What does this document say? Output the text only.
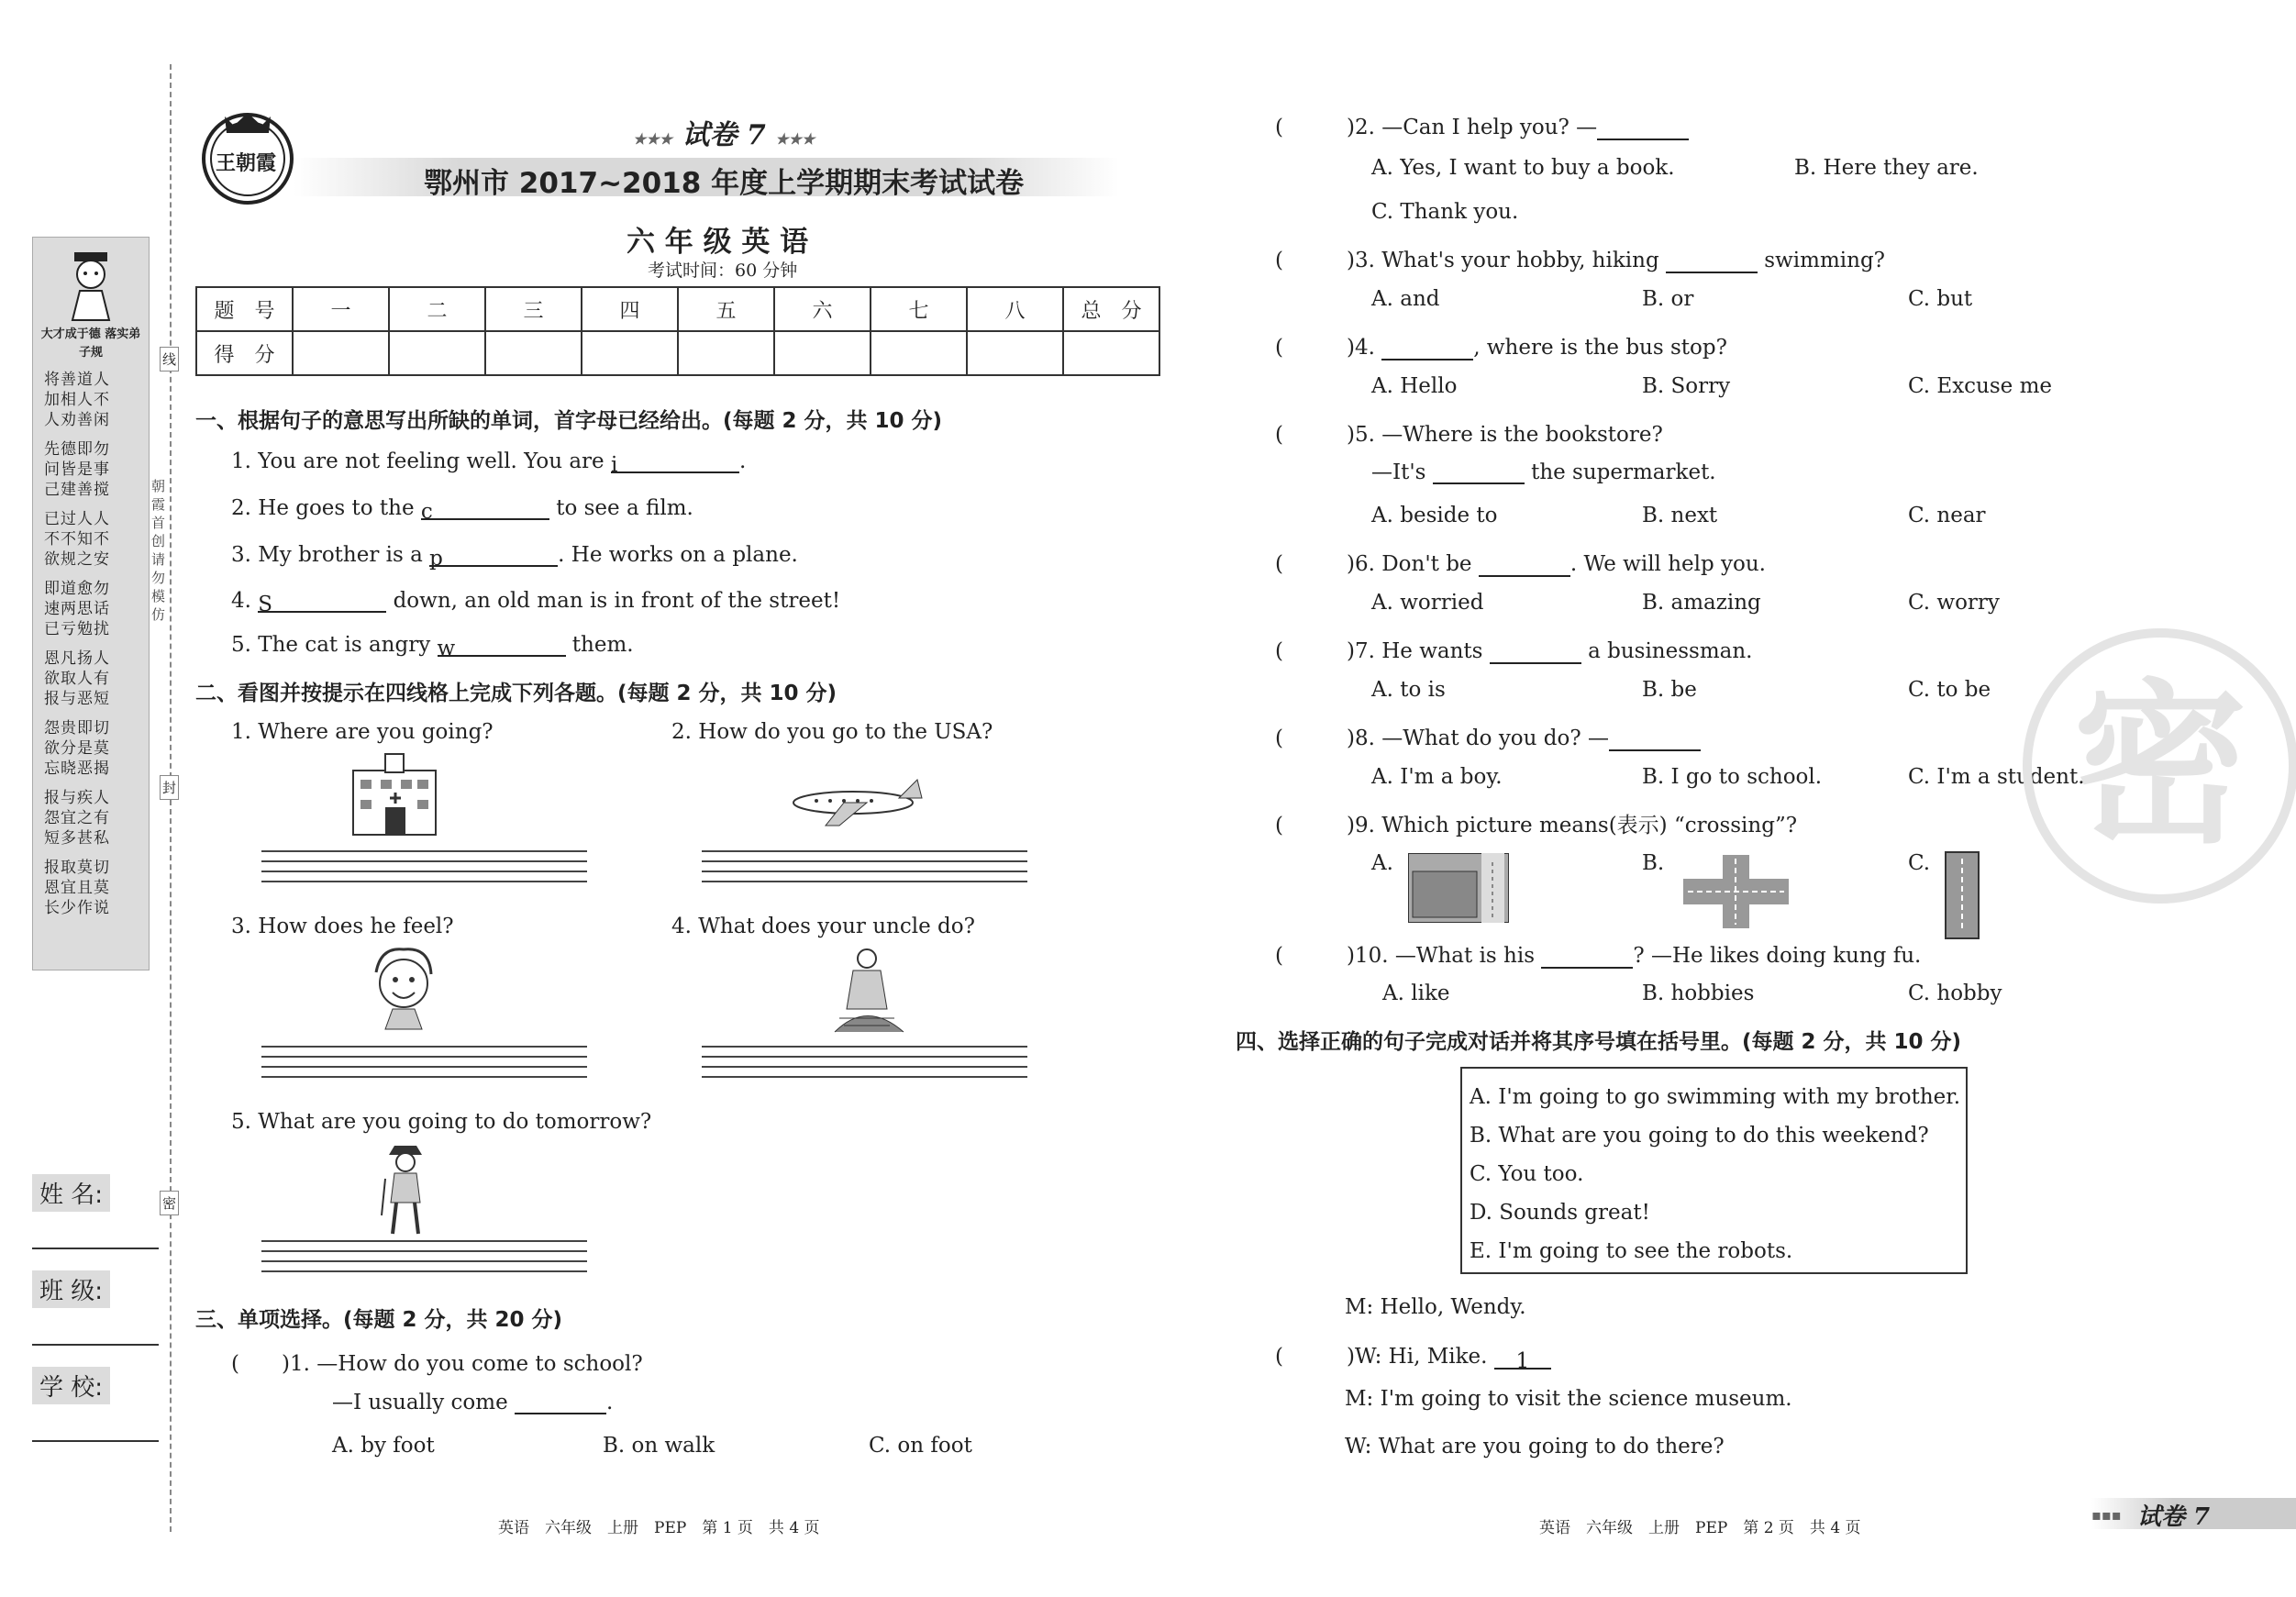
线
封
密
朝霞首创 请勿模仿
大才成于德 落实弟子规
将善道人
加相人不
人劝善闲
先德即勿
问皆是事
己建善搅
已过人人
不不知不
欲规之安
即道愈勿
速两思话
已亏勉扰
恩凡扬人
欲取人有
报与恶短
怨贵即切
欲分是莫
忘晓恶揭
报与疾人
怨宜之有
短多甚私
报取莫切
恩宜且莫
长少作说
姓 名:
班 级:
学 校:
王朝霞
★★★ 试卷 7 ★★★
鄂州市 2017~2018 年度上学期期末考试试卷
六 年 级 英 语
考试时间：60 分钟
题　号	一	二	三	四	五	六	七	八	总　分
得　分									
一、根据句子的意思写出所缺的单词，首字母已经给出。(每题 2 分，共 10 分)
1. You are not feeling well. You are i	.
2. He goes to the c	to see a film.
3. My brother is a p	. He works on a plane.
4. S	down, an old man is in front of the street!
5. The cat is angry w	them.
二、看图并按提示在四线格上完成下列各题。(每题 2 分，共 10 分)
1. Where are you going?	2. How do you go to the USA?
3. How does he feel?	4. What does your uncle do?
5. What are you going to do tomorrow?
三、单项选择。(每题 2 分，共 20 分)
(　　)1. —How do you come to school?
—I usually come	.
A. by foot	B. on walk	C. on foot
英语　六年级　上册　PEP　第 1 页　共 4 页
(　　　)2. —Can I help you? —
A. Yes, I want to buy a book.	B. Here they are.
C. Thank you.
(　　　)3. What's your hobby, hiking	swimming?
A. and	B. or	C. but
(　　　)4.	, where is the bus stop?
A. Hello	B. Sorry	C. Excuse me
(　　　)5. —Where is the bookstore?
—It's	the supermarket.
A. beside to	B. next	C. near
(　　　)6. Don't be	. We will help you.
A. worried	B. amazing	C. worry
(　　　)7. He wants	a businessman.
A. to is	B. be	C. to be
(　　　)8. —What do you do? —
A. I'm a boy.	B. I go to school.	C. I'm a student.
(　　　)9. Which picture means(表示) “crossing”?
A.	B.	C.
(　　　)10. —What is his	? —He likes doing kung fu.
A. like	B. hobbies	C. hobby
四、选择正确的句子完成对话并将其序号填在括号里。(每题 2 分，共 10 分)
A. I'm going to go swimming with my brother.
B. What are you going to do this weekend?
C. You too.
D. Sounds great!
E. I'm going to see the robots.
M: Hello, Wendy.
(　　　)W: Hi, Mike. 1
M: I'm going to visit the science museum.
W: What are you going to do there?
英语　六年级　上册　PEP　第 2 页　共 4 页
▪▪▪ 试卷 7
密
